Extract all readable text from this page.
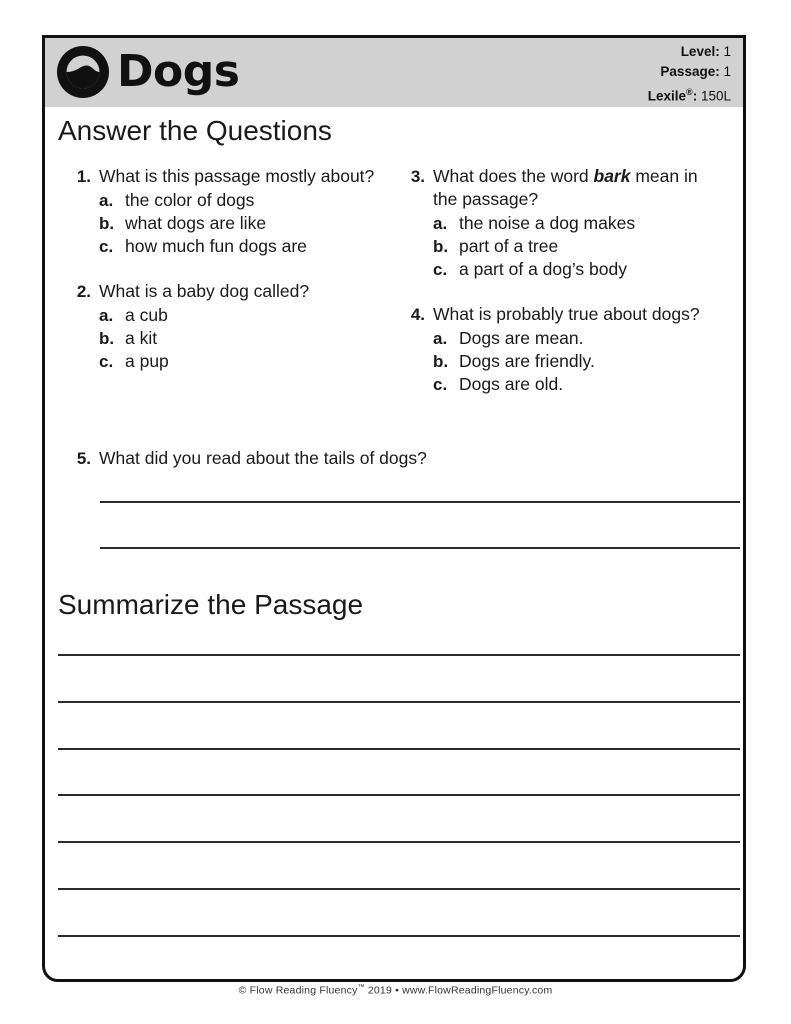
Dogs	Level: 1
Passage: 1
Lexile®: 150L
Answer the Questions
1. What is this passage mostly about?
a. the color of dogs
b. what dogs are like
c. how much fun dogs are
2. What is a baby dog called?
a. a cub
b. a kit
c. a pup
3. What does the word bark mean in the passage?
a. the noise a dog makes
b. part of a tree
c. a part of a dog’s body
4. What is probably true about dogs?
a. Dogs are mean.
b. Dogs are friendly.
c. Dogs are old.
5. What did you read about the tails of dogs?
Summarize the Passage
© Flow Reading Fluency™ 2019 • www.FlowReadingFluency.com
